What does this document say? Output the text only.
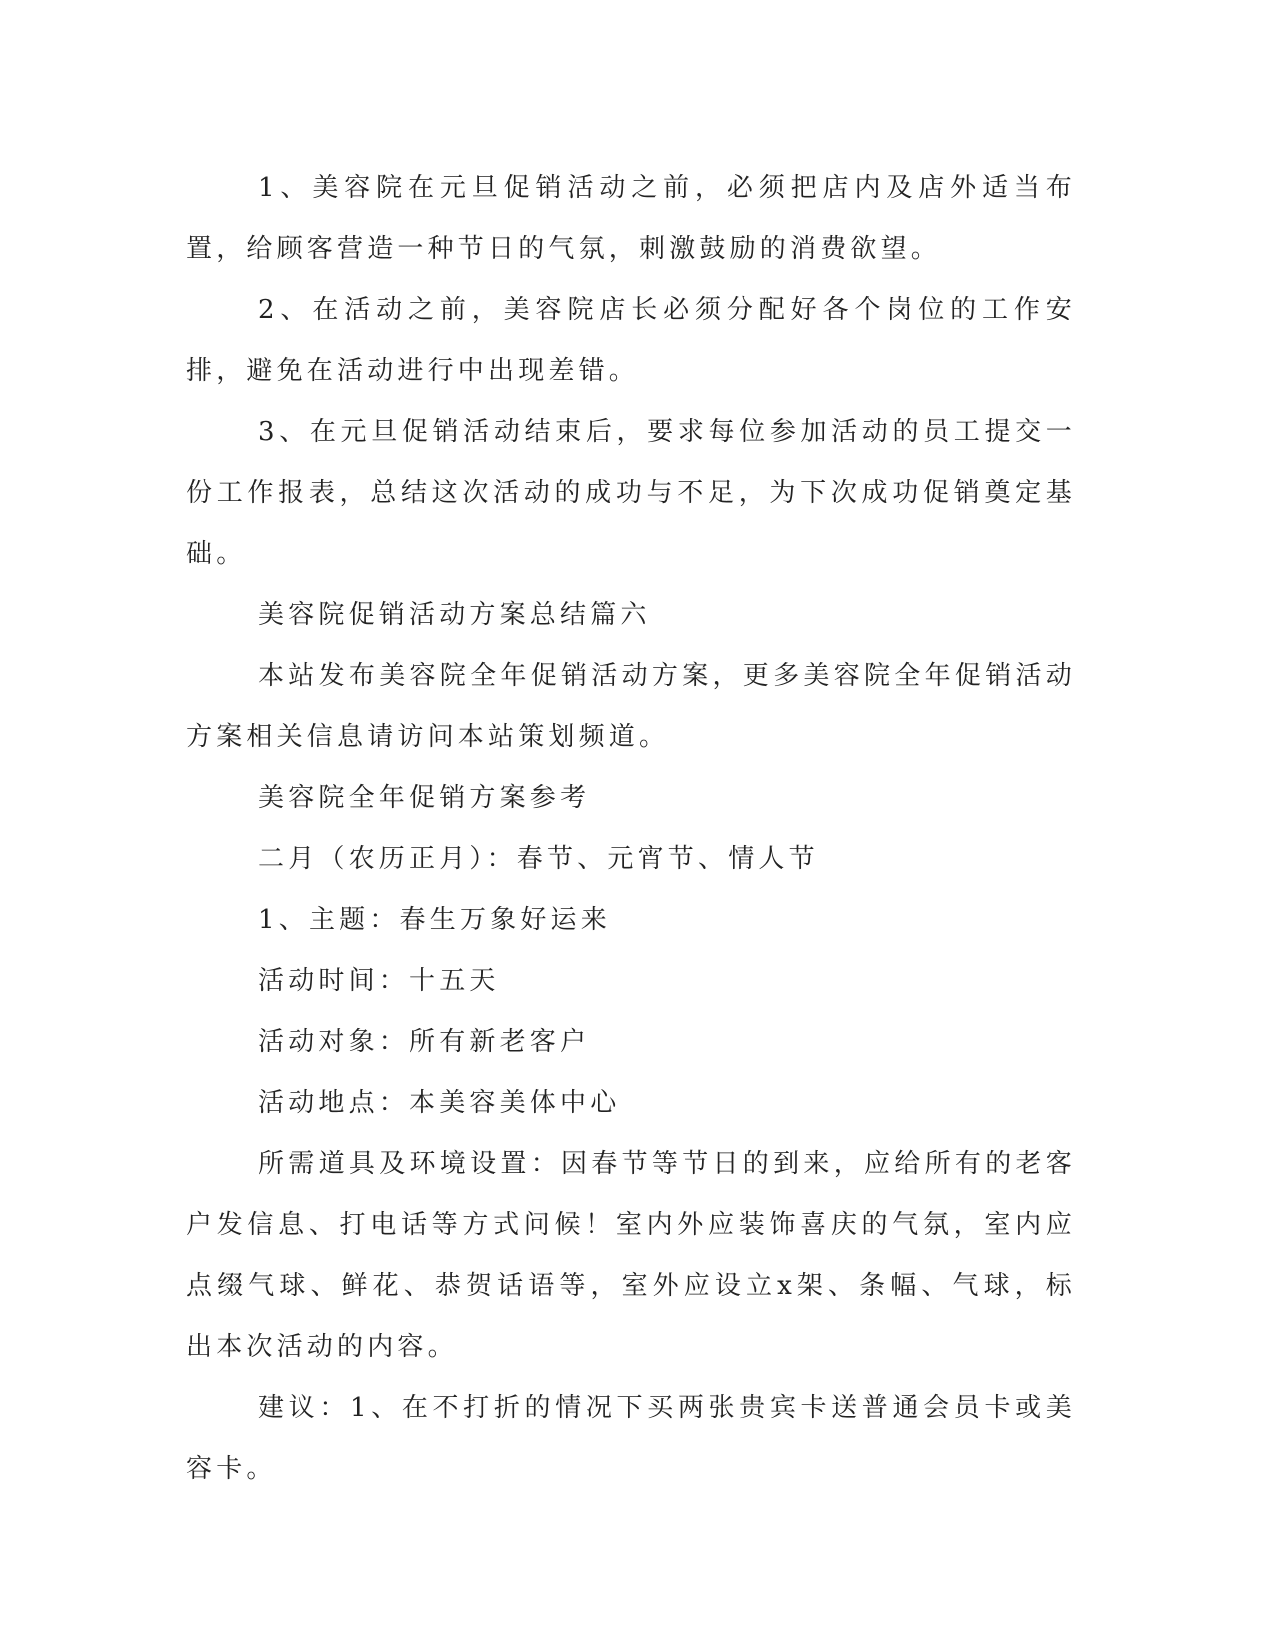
1、美容院在元旦促销活动之前，必须把店内及店外适当布置，给顾客营造一种节日的气氛，刺激鼓励的消费欲望。

2、在活动之前，美容院店长必须分配好各个岗位的工作安排，避免在活动进行中出现差错。

3、在元旦促销活动结束后，要求每位参加活动的员工提交一份工作报表，总结这次活动的成功与不足，为下次成功促销奠定基础。

美容院促销活动方案总结篇六

本站发布美容院全年促销活动方案，更多美容院全年促销活动方案相关信息请访问本站策划频道。

美容院全年促销方案参考

二月（农历正月）：春节、元宵节、情人节

1、主题：春生万象好运来

活动时间：十五天

活动对象：所有新老客户

活动地点：本美容美体中心

所需道具及环境设置：因春节等节日的到来，应给所有的老客户发信息、打电话等方式问候！室内外应装饰喜庆的气氛，室内应点缀气球、鲜花、恭贺话语等，室外应设立x架、条幅、气球，标出本次活动的内容。

建议：1、在不打折的情况下买两张贵宾卡送普通会员卡或美容卡。
